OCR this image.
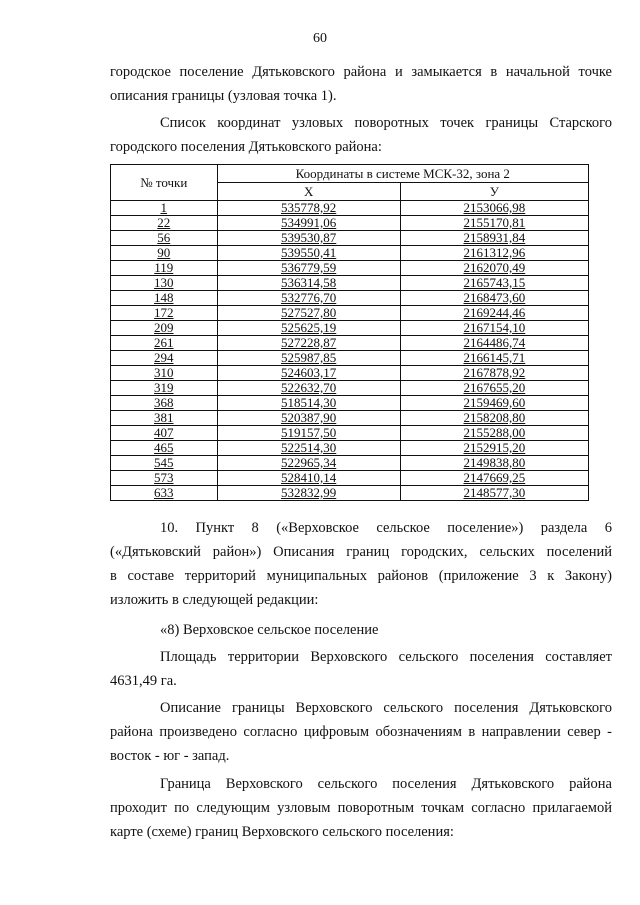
60
городское поселение Дятьковского района и замыкается в начальной точке
описания границы (узловая точка 1).
Список координат узловых поворотных точек границы Старского
городского поселения Дятьковского района:
№ точки	Координаты в системе МСК-32, зона 2	
	X	У
1	535778,92	2153066,98
22	534991,06	2155170,81
56	539530,87	2158931,84
90	539550,41	2161312,96
119	536779,59	2162070,49
130	536314,58	2165743,15
148	532776,70	2168473,60
172	527527,80	2169244,46
209	525625,19	2167154,10
261	527228,87	2164486,74
294	525987,85	2166145,71
310	524603,17	2167878,92
319	522632,70	2167655,20
368	518514,30	2159469,60
381	520387,90	2158208,80
407	519157,50	2155288,00
465	522514,30	2152915,20
545	522965,34	2149838,80
573	528410,14	2147669,25
633	532832,99	2148577,30
10. Пункт 8 («Верховское сельское поселение») раздела 6
(«Дятьковский район») Описания границ городских, сельских поселений
в составе территорий муниципальных районов (приложение 3 к Закону)
изложить в следующей редакции:
«8) Верховское сельское поселение
Площадь территории Верховского сельского поселения составляет
4631,49 га.
Описание границы Верховского сельского поселения Дятьковского
района произведено согласно цифровым обозначениям в направлении север -
восток - юг - запад.
Граница Верховского сельского поселения Дятьковского района
проходит по следующим узловым поворотным точкам согласно прилагаемой
карте (схеме) границ Верховского сельского поселения:
